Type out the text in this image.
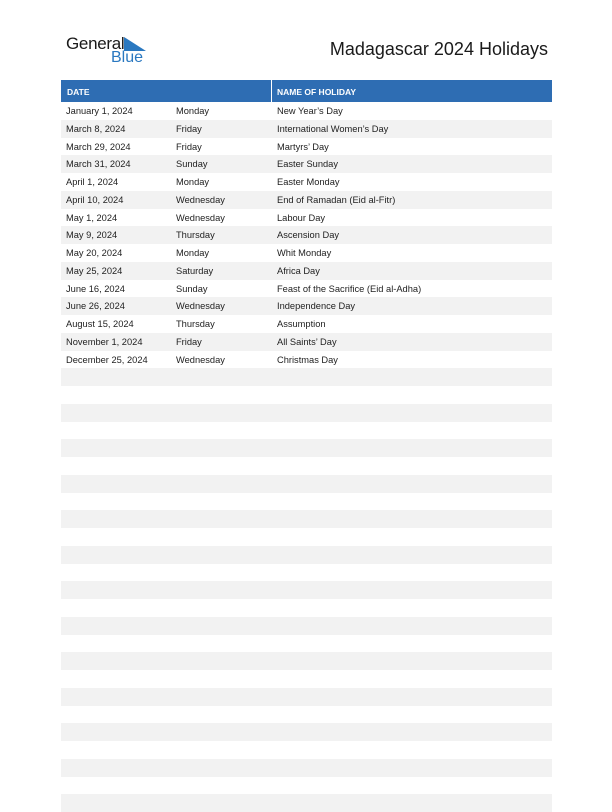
General
Blue	Madagascar 2024 Holidays
DATE	NAME OF HOLIDAY
January 1, 2024	Monday	New Year’s Day
March 8, 2024	Friday	International Women’s Day
March 29, 2024	Friday	Martyrs’ Day
March 31, 2024	Sunday	Easter Sunday
April 1, 2024	Monday	Easter Monday
April 10, 2024	Wednesday	End of Ramadan (Eid al-Fitr)
May 1, 2024	Wednesday	Labour Day
May 9, 2024	Thursday	Ascension Day
May 20, 2024	Monday	Whit Monday
May 25, 2024	Saturday	Africa Day
June 16, 2024	Sunday	Feast of the Sacrifice (Eid al-Adha)
June 26, 2024	Wednesday	Independence Day
August 15, 2024	Thursday	Assumption
November 1, 2024	Friday	All Saints’ Day
December 25, 2024	Wednesday	Christmas Day
